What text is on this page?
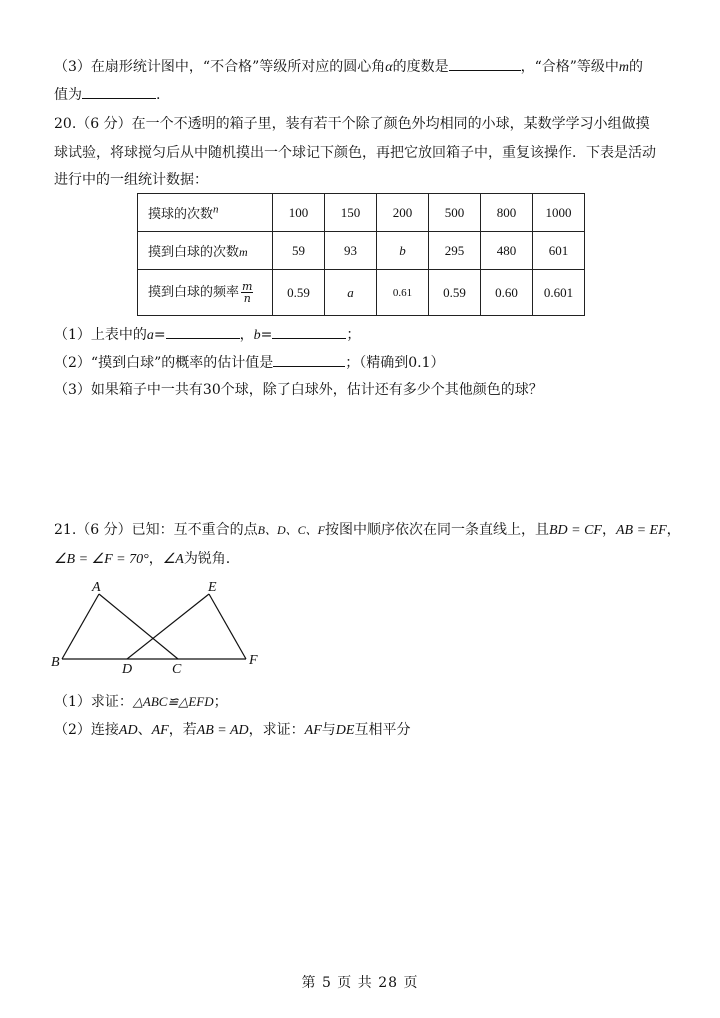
（3）在扇形统计图中，“不合格”等级所对应的圆心角α的度数是	，“合格”等级中m的
值为	.
20.（6 分）在一个不透明的箱子里，装有若干个除了颜色外均相同的小球，某数学学习小组做摸
球试验，将球搅匀后从中随机摸出一个球记下颜色，再把它放回箱子中，重复该操作．下表是活动
进行中的一组统计数据：
摸球的次数$^n$	100	150	200	500	800	1000
摸到白球的次数m	59	93	b	295	480	601
摸到白球的频率 $\frac{m}{n}$	0.59	a	0.61	0.59	0.60	0.601
（1）上表中的a=	，b=	；
（2）“摸到白球”的概率的估计值是	；（精确到0.1）
（3）如果箱子中一共有30个球，除了白球外，估计还有多少个其他颜色的球？
21.（6 分）已知：互不重合的点B、D、C、F按图中顺序依次在同一条直线上，且BD = CF，AB = EF，
∠B = ∠F = 70°，∠A为锐角.
A
B	D	C
E
F
（1）求证：△ABC≌△EFD；
（2）连接AD、AF，若AB = AD，求证：AF与DE互相平分
第 5 页 共 28 页
